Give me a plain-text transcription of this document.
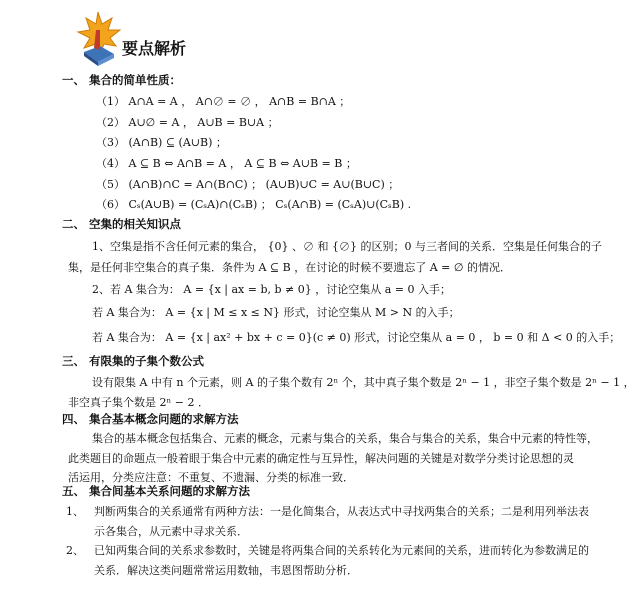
要点解析
一、 集合的简单性质：
（1） A∩A = A ， A∩∅ = ∅ ， A∩B = B∩A ；
（2） A∪∅ = A ， A∪B = B∪A ；
（3） (A∩B) ⊆ (A∪B) ；
（4） A ⊆ B ⇔ A∩B = A ， A ⊆ B ⇔ A∪B = B ；
（5） (A∩B)∩C = A∩(B∩C) ； (A∪B)∪C = A∪(B∪C) ；
（6） Cₛ(A∪B) = (CₛA)∩(CₛB) ； Cₛ(A∩B) = (CₛA)∪(CₛB) .
二、 空集的相关知识点
1、空集是指不含任何元素的集合， {0} 、∅ 和 {∅} 的区别；0 与三者间的关系．空集是任何集合的子
集，是任何非空集合的真子集．条件为 A ⊆ B ，在讨论的时候不要遗忘了 A = ∅ 的情况．
2、若 A 集合为： A = {x | ax = b, b ≠ 0} ，讨论空集从 a = 0 入手；
若 A 集合为： A = {x | M ≤ x ≤ N} 形式，讨论空集从 M > N 的入手；
若 A 集合为： A = {x | ax² + bx + c = 0}(c ≠ 0) 形式，讨论空集从 a = 0 ， b = 0 和 Δ < 0 的入手；
三、 有限集的子集个数公式
设有限集 A 中有 n 个元素，则 A 的子集个数有 2ⁿ 个，其中真子集个数是 2ⁿ − 1 ，非空子集个数是 2ⁿ − 1 ，
非空真子集个数是 2ⁿ − 2 ．
四、 集合基本概念问题的求解方法
集合的基本概念包括集合、元素的概念，元素与集合的关系，集合与集合的关系，集合中元素的特性等，
此类题目的命题点一般着眼于集合中元素的确定性与互异性，解决问题的关键是对数学分类讨论思想的灵
活运用，分类应注意：不重复、不遗漏、分类的标准一致．
五、 集合间基本关系问题的求解方法
1、 判断两集合的关系通常有两种方法：一是化简集合，从表达式中寻找两集合的关系；二是利用列举法表
示各集合，从元素中寻求关系．
2、 已知两集合间的关系求参数时，关键是将两集合间的关系转化为元素间的关系，进而转化为参数满足的
关系．解决这类问题常常运用数轴，韦恩图帮助分析．
